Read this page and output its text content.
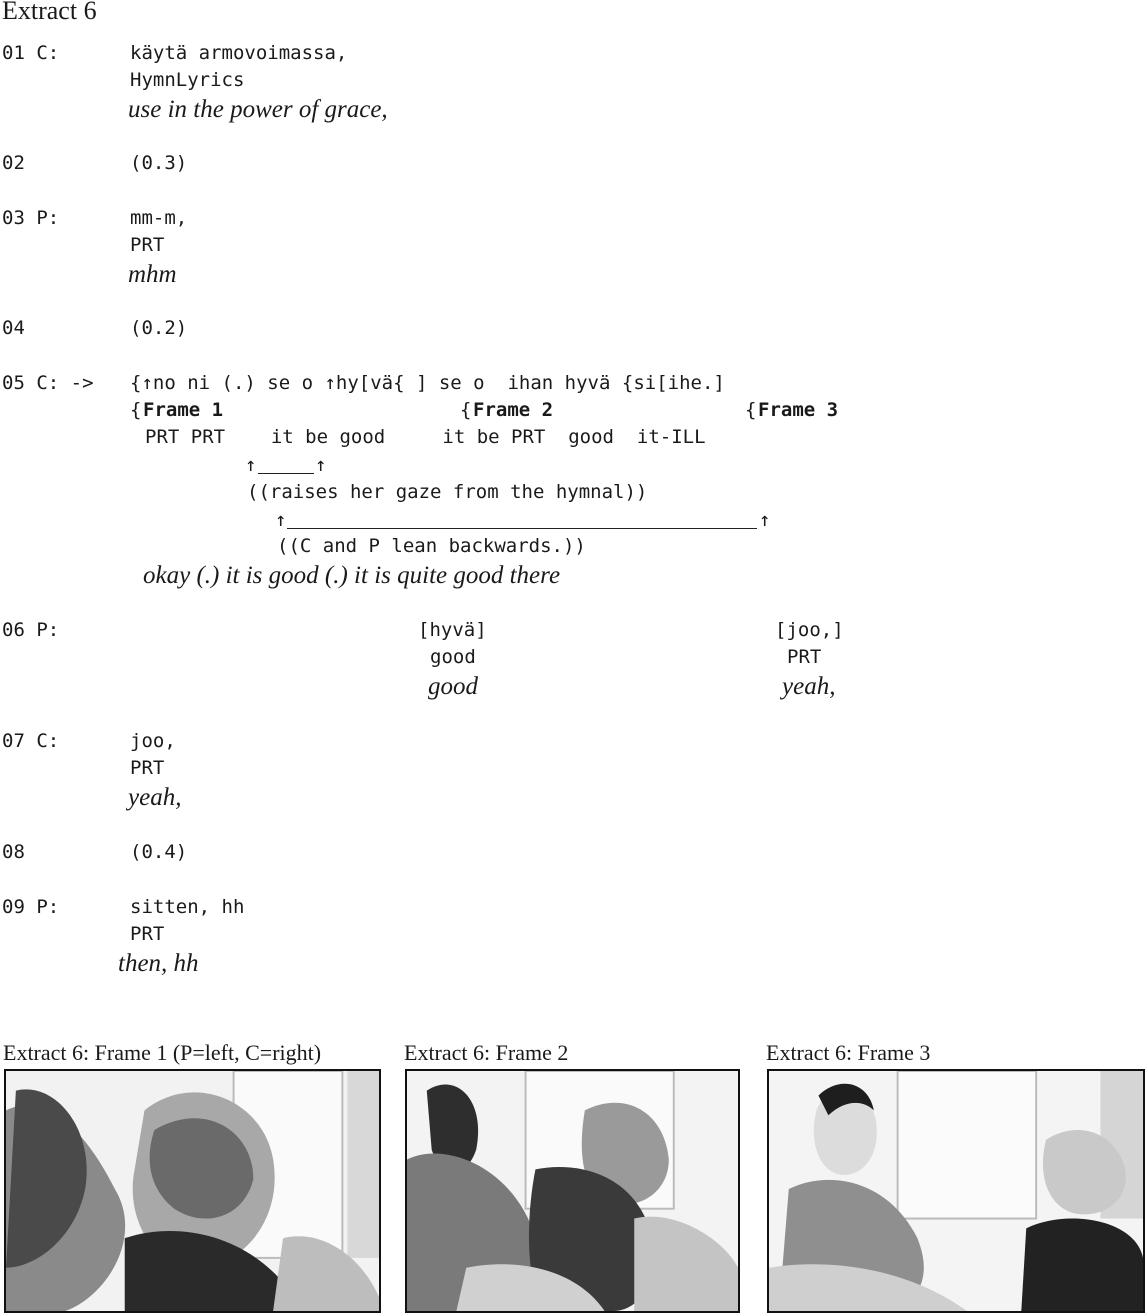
Extract 6
01 C:	käytä armovoimassa,
HymnLyrics
use in the power of grace,
02	(0.3)
03 P:	mm-m,
PRT
mhm
04	(0.2)
05 C: -> {↑no ni (.) se o ↑hy[vä{ ] se o  ihan hyvä {si[ihe.]
{ Frame 1	{ Frame 2	{ Frame 3
PRT PRT    it be good     it be PRT  good  it-ILL
↑	↑
((raises her gaze from the hymnal))
↑	↑
((C and P lean backwards.))
okay (.) it is good (.) it is quite good there
06 P:	[hyvä]
good
good
[joo,]
PRT
yeah,
07 C:	joo,
PRT
yeah,
08	(0.4)
09 P:	sitten, hh
PRT
then, hh
Extract 6: Frame 1 (P=left, C=right)	Extract 6: Frame 2	Extract 6: Frame 3
